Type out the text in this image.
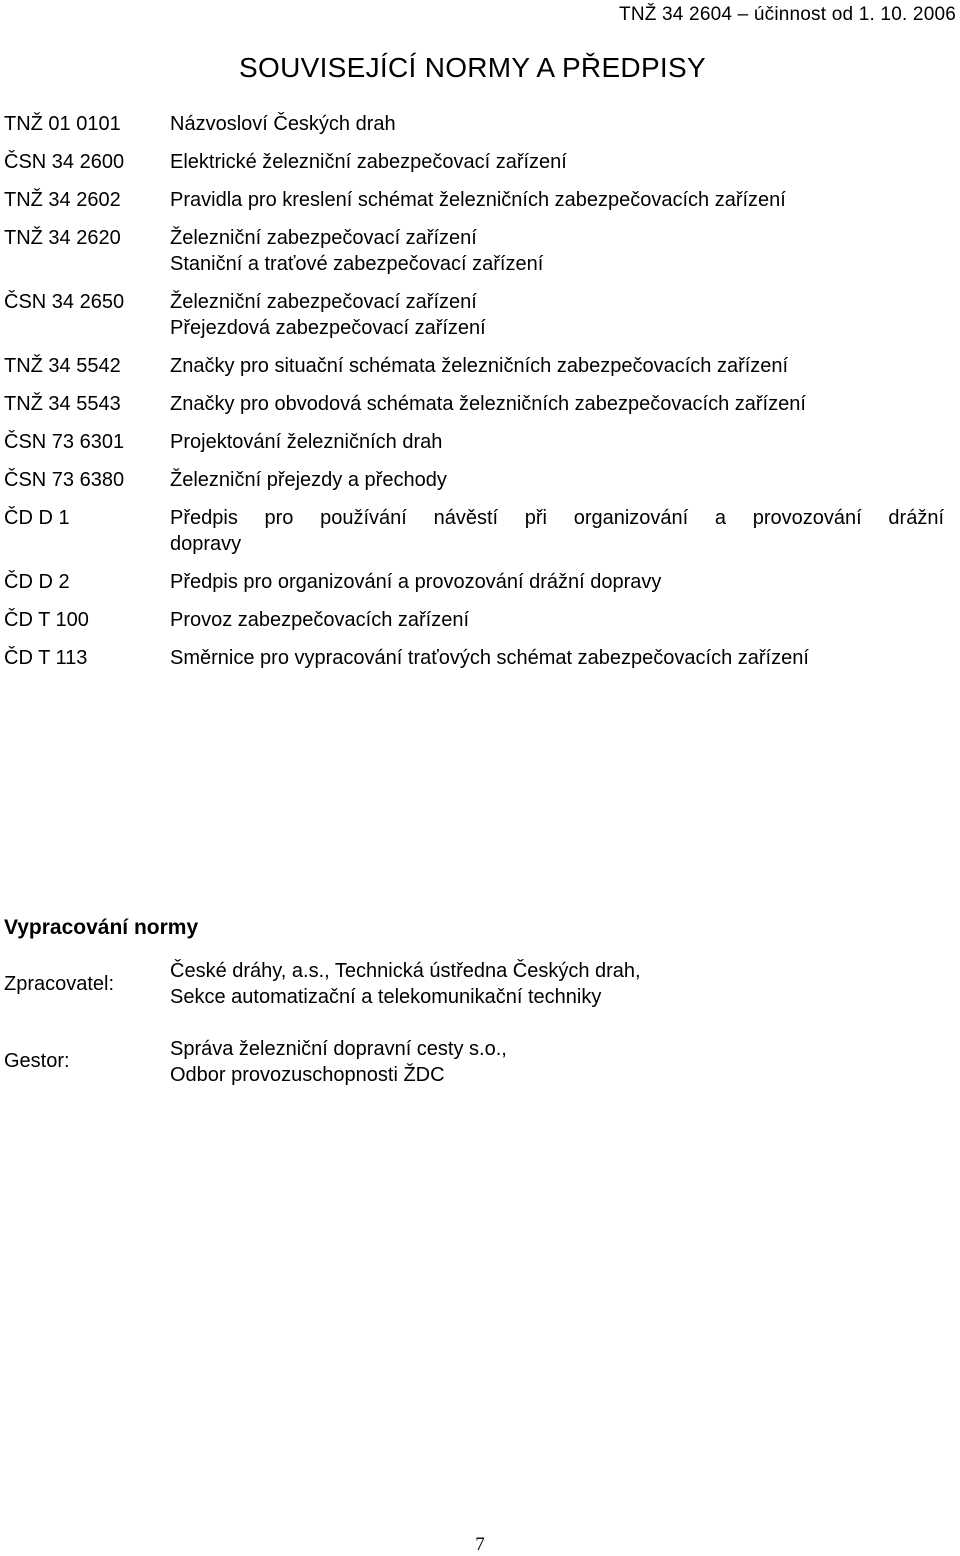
TNŽ 34 2604 – účinnost od 1. 10. 2006
SOUVISEJÍCÍ NORMY A PŘEDPISY
TNŽ 01 0101	Názvosloví Českých drah
ČSN 34 2600	Elektrické železniční zabezpečovací zařízení
TNŽ 34 2602	Pravidla pro kreslení schémat železničních zabezpečovacích zařízení
TNŽ 34 2620	Železniční zabezpečovací zařízení
Staniční a traťové zabezpečovací zařízení
ČSN 34 2650	Železniční zabezpečovací zařízení
Přejezdová zabezpečovací zařízení
TNŽ 34 5542	Značky pro situační schémata železničních zabezpečovacích zařízení
TNŽ 34 5543	Značky pro obvodová schémata železničních zabezpečovacích zařízení
ČSN 73 6301	Projektování železničních drah
ČSN 73 6380	Železniční přejezdy a přechody
ČD D 1	Předpis pro používání návěstí při organizování a provozování drážní
dopravy
ČD D 2	Předpis pro organizování a provozování drážní dopravy
ČD T 100	Provoz zabezpečovacích zařízení
ČD T 113	Směrnice pro vypracování traťových schémat zabezpečovacích zařízení
Vypracování normy
Zpracovatel:
České dráhy, a.s., Technická ústředna Českých drah,
Sekce automatizační a telekomunikační techniky
Gestor:
Správa železniční dopravní cesty s.o.,
Odbor provozuschopnosti ŽDC
7
